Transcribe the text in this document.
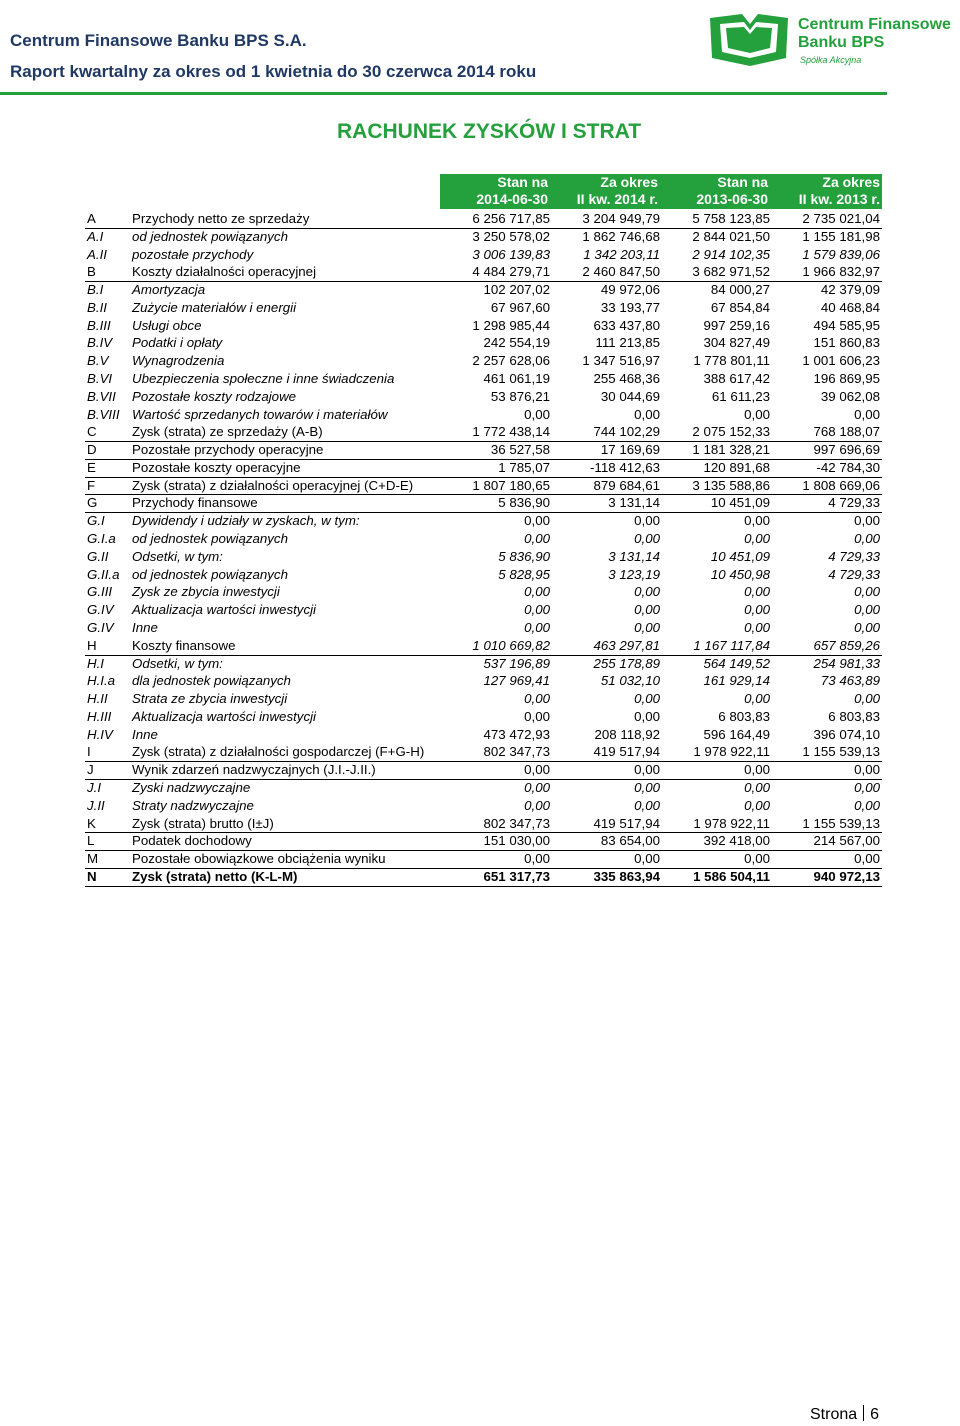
Centrum Finansowe Banku BPS S.A.
Raport kwartalny za okres od 1 kwietnia do 30 czerwca 2014 roku
Centrum Finansowe
Banku BPS
Spółka Akcyjna
RACHUNEK ZYSKÓW I STRAT
Stan na
2014-06-30
Za okres
II kw. 2014 r.
Stan na
2013-06-30
Za okres
II kw. 2013 r.
A	Przychody netto ze sprzedaży	6 256 717,85	3 204 949,79	5 758 123,85	2 735 021,04
A.I od jednostek powiązanych	3 250 578,02	1 862 746,68	2 844 021,50	1 155 181,98
A.II pozostałe przychody	3 006 139,83	1 342 203,11	2 914 102,35	1 579 839,06
B	Koszty działalności operacyjnej	4 484 279,71	2 460 847,50	3 682 971,52	1 966 832,97
B.I Amortyzacja	102 207,02	49 972,06	84 000,27	42 379,09
B.II Zużycie materiałów i energii	67 967,60	33 193,77	67 854,84	40 468,84
B.III Usługi obce	1 298 985,44	633 437,80	997 259,16	494 585,95
B.IV Podatki i opłaty	242 554,19	111 213,85	304 827,49	151 860,83
B.V Wynagrodzenia	2 257 628,06	1 347 516,97	1 778 801,11	1 001 606,23
B.VI Ubezpieczenia społeczne i inne świadczenia	461 061,19	255 468,36	388 617,42	196 869,95
B.VII Pozostałe koszty rodzajowe	53 876,21	30 044,69	61 611,23	39 062,08
B.VIII Wartość sprzedanych towarów i materiałów	0,00	0,00	0,00	0,00
C	Zysk (strata) ze sprzedaży (A-B)	1 772 438,14	744 102,29	2 075 152,33	768 188,07
D	Pozostałe przychody operacyjne	36 527,58	17 169,69	1 181 328,21	997 696,69
E	Pozostałe koszty operacyjne	1 785,07	-118 412,63	120 891,68	-42 784,30
F	Zysk (strata) z działalności operacyjnej (C+D-E)	1 807 180,65	879 684,61	3 135 588,86	1 808 669,06
G	Przychody finansowe	5 836,90	3 131,14	10 451,09	4 729,33
G.I Dywidendy i udziały w zyskach, w tym:	0,00	0,00	0,00	0,00
G.I.a od jednostek powiązanych	0,00	0,00	0,00	0,00
G.II Odsetki, w tym:	5 836,90	3 131,14	10 451,09	4 729,33
G.II.a od jednostek powiązanych	5 828,95	3 123,19	10 450,98	4 729,33
G.III Zysk ze zbycia inwestycji	0,00	0,00	0,00	0,00
G.IV Aktualizacja wartości inwestycji	0,00	0,00	0,00	0,00
G.IV Inne	0,00	0,00	0,00	0,00
H	Koszty finansowe	1 010 669,82	463 297,81	1 167 117,84	657 859,26
H.I Odsetki, w tym:	537 196,89	255 178,89	564 149,52	254 981,33
H.I.a dla jednostek powiązanych	127 969,41	51 032,10	161 929,14	73 463,89
H.II Strata ze zbycia inwestycji	0,00	0,00	0,00	0,00
H.III Aktualizacja wartości inwestycji	0,00	0,00	6 803,83	6 803,83
H.IV Inne	473 472,93	208 118,92	596 164,49	396 074,10
I	Zysk (strata) z działalności gospodarczej (F+G-H)	802 347,73	419 517,94	1 978 922,11	1 155 539,13
J	Wynik zdarzeń nadzwyczajnych (J.I.-J.II.)	0,00	0,00	0,00	0,00
J.I Zyski nadzwyczajne	0,00	0,00	0,00	0,00
J.II Straty nadzwyczajne	0,00	0,00	0,00	0,00
K	Zysk (strata) brutto (I±J)	802 347,73	419 517,94	1 978 922,11	1 155 539,13
L	Podatek dochodowy	151 030,00	83 654,00	392 418,00	214 567,00
M	Pozostałe obowiązkowe obciążenia wyniku	0,00	0,00	0,00	0,00
N	Zysk (strata) netto (K-L-M)	651 317,73	335 863,94	1 586 504,11	940 972,13
Strona 6
